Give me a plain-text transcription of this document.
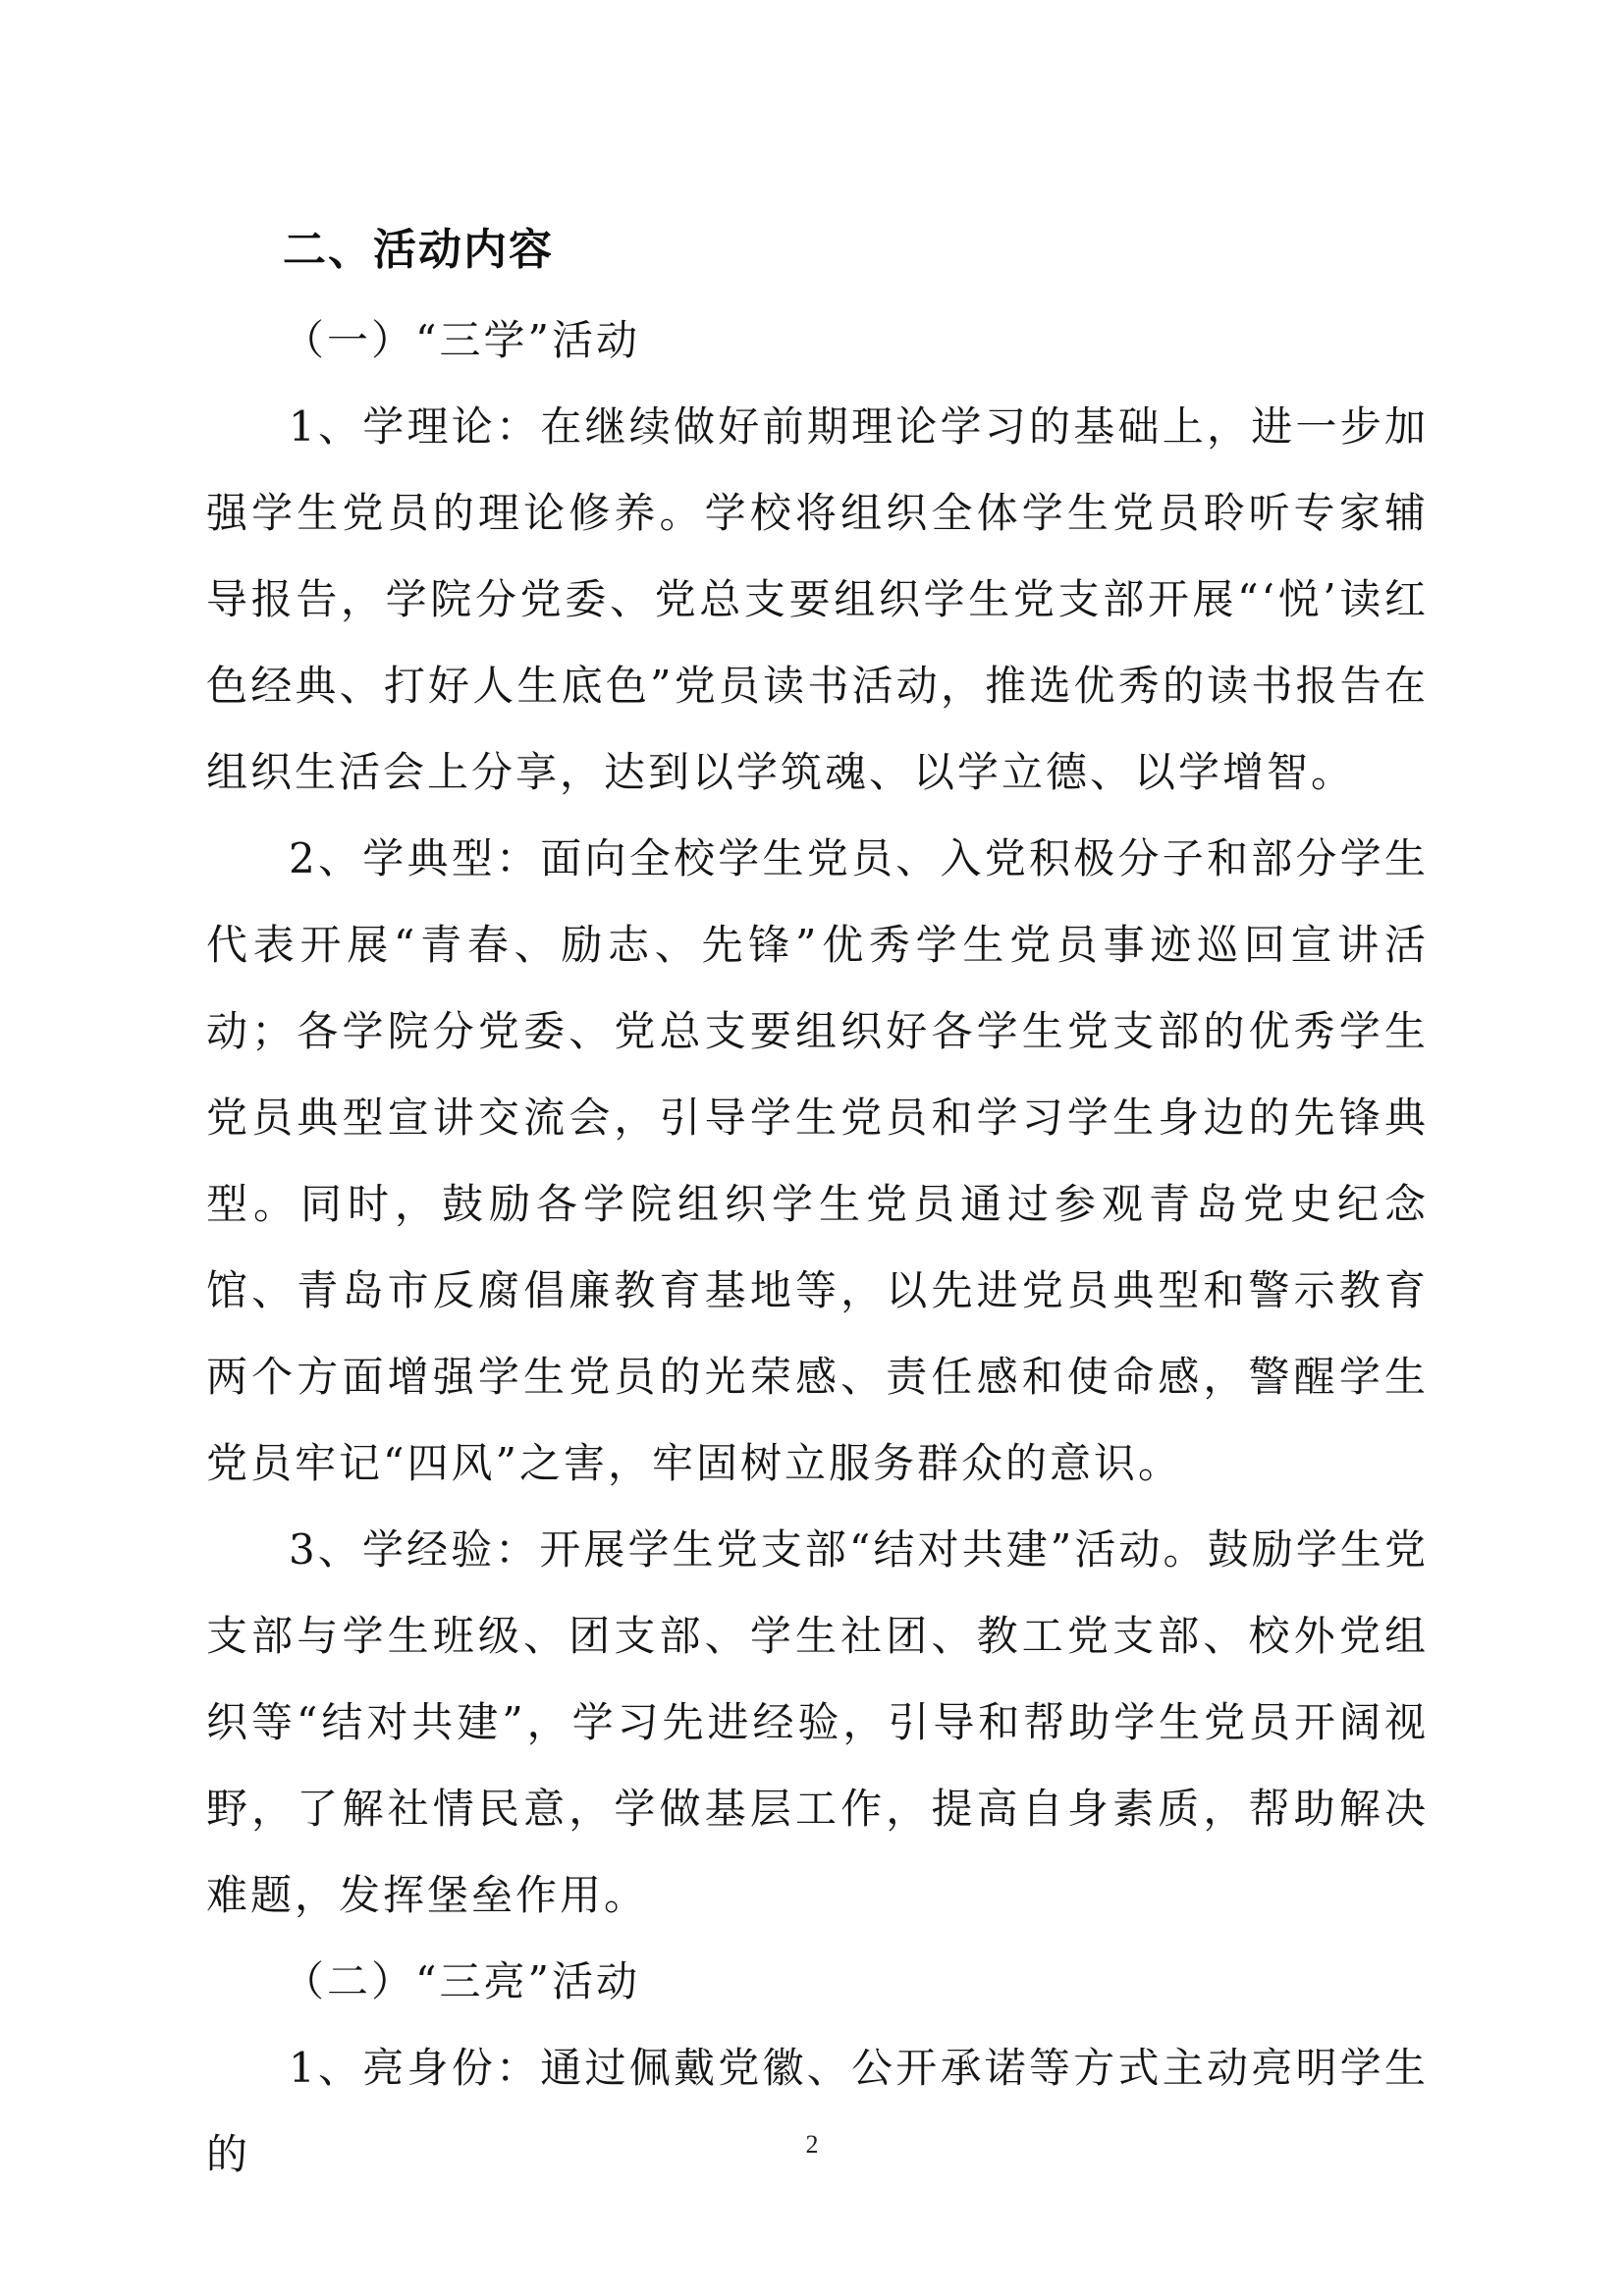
二、活动内容
（一）“三学”活动

1、学理论：在继续做好前期理论学习的基础上，进一步加强学生党员的理论修养。学校将组织全体学生党员聆听专家辅导报告，学院分党委、党总支要组织学生党支部开展“‘悦’读红色经典、打好人生底色”党员读书活动，推选优秀的读书报告在组织生活会上分享，达到以学筑魂、以学立德、以学增智。

2、学典型：面向全校学生党员、入党积极分子和部分学生代表开展“青春、励志、先锋”优秀学生党员事迹巡回宣讲活动；各学院分党委、党总支要组织好各学生党支部的优秀学生党员典型宣讲交流会，引导学生党员和学习学生身边的先锋典型。同时，鼓励各学院组织学生党员通过参观青岛党史纪念馆、青岛市反腐倡廉教育基地等，以先进党员典型和警示教育两个方面增强学生党员的光荣感、责任感和使命感，警醒学生党员牢记“四风”之害，牢固树立服务群众的意识。

3、学经验：开展学生党支部“结对共建”活动。鼓励学生党支部与学生班级、团支部、学生社团、教工党支部、校外党组织等“结对共建”，学习先进经验，引导和帮助学生党员开阔视野，了解社情民意，学做基层工作，提高自身素质，帮助解决难题，发挥堡垒作用。

（二）“三亮”活动

1、亮身份：通过佩戴党徽、公开承诺等方式主动亮明学生的	2
